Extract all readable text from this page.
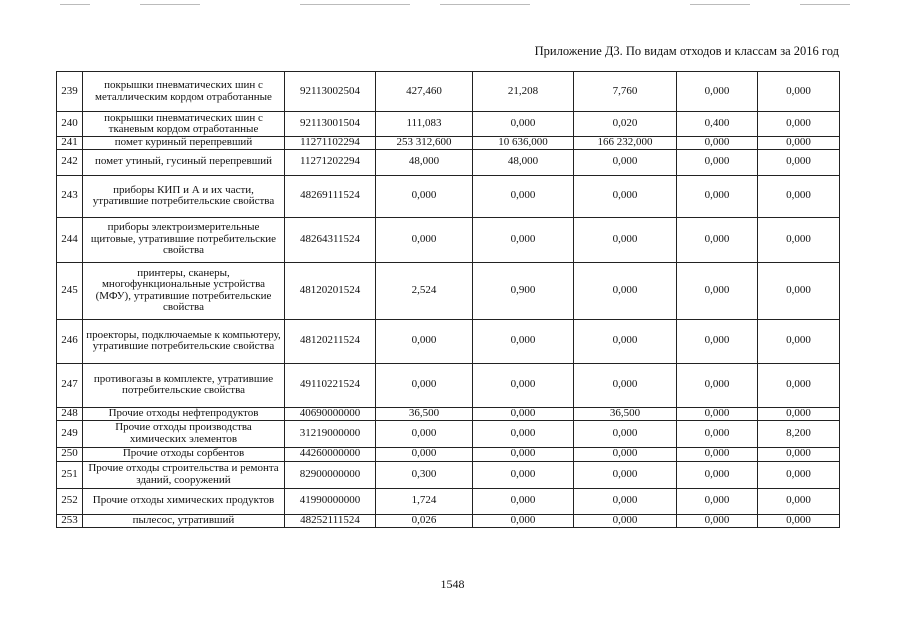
Приложение Д3. По видам отходов и классам за 2016 год
239	покрышки пневматических шин с металлическим кордом отработанные	92113002504	427,460	21,208	7,760	0,000	0,000
240	покрышки пневматических шин с тканевым кордом отработанные	92113001504	111,083	0,000	0,020	0,400	0,000
241	помет куриный перепревший	11271102294	253 312,600	10 636,000	166 232,000	0,000	0,000
242	помет утиный, гусиный перепревший	11271202294	48,000	48,000	0,000	0,000	0,000
243	приборы КИП и А и их части, утратившие потребительские свойства	48269111524	0,000	0,000	0,000	0,000	0,000
244	приборы электроизмерительные щитовые, утратившие потребительские свойства	48264311524	0,000	0,000	0,000	0,000	0,000
245	принтеры, сканеры, многофункциональные устройства (МФУ), утратившие потребительские свойства	48120201524	2,524	0,900	0,000	0,000	0,000
246	проекторы, подключаемые к компьютеру, утратившие потребительские свойства	48120211524	0,000	0,000	0,000	0,000	0,000
247	противогазы в комплекте, утратившие потребительские свойства	49110221524	0,000	0,000	0,000	0,000	0,000
248	Прочие отходы нефтепродуктов	40690000000	36,500	0,000	36,500	0,000	0,000
249	Прочие отходы производства химических элементов	31219000000	0,000	0,000	0,000	0,000	8,200
250	Прочие отходы сорбентов	44260000000	0,000	0,000	0,000	0,000	0,000
251	Прочие отходы строительства и ремонта зданий, сооружений	82900000000	0,300	0,000	0,000	0,000	0,000
252	Прочие отходы химических продуктов	41990000000	1,724	0,000	0,000	0,000	0,000
253	пылесос, утративший	48252111524	0,026	0,000	0,000	0,000	0,000
1548
